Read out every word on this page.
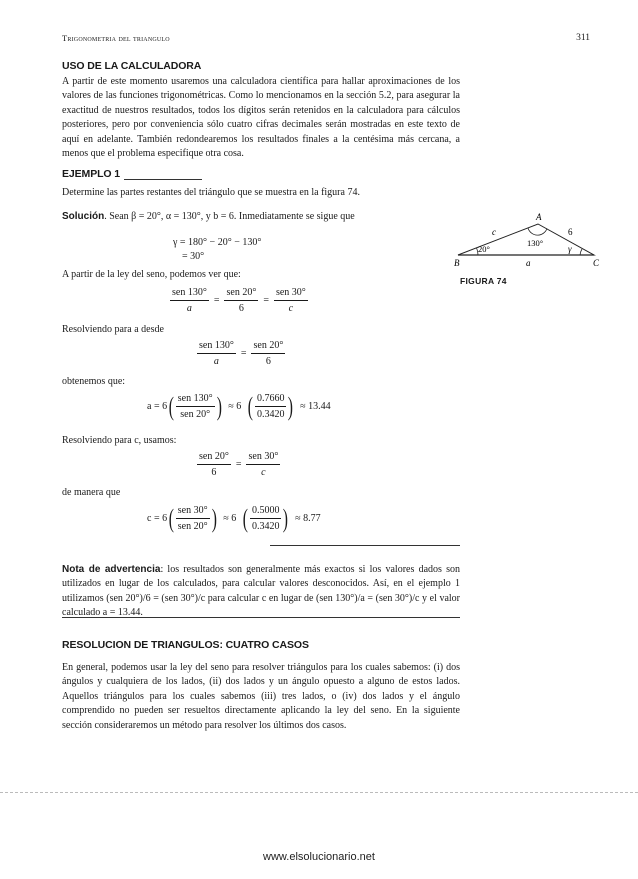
Trigonometria del triangulo	311
USO DE LA CALCULADORA
A partir de este momento usaremos una calculadora científica para hallar aproximaciones de los valores de las funciones trigonométricas. Como lo mencionamos en la sección 5.2, para asegurar la exactitud de nuestros resultados, todos los dígitos serán retenidos en la calculadora para cálculos posteriores, pero por conveniencia sólo cuatro cifras decimales serán mostradas en este texto de aquí en adelante. También redondearemos los resultados finales a la centésima más cercana, a menos que el problema especifique otra cosa.
EJEMPLO 1
Determine las partes restantes del triángulo que se muestra en la figura 74.
Solución. Sean β = 20°, α = 130°, y b = 6. Inmediatamente se sigue que
γ = 180° − 20° − 130°
= 30°
A partir de la ley del seno, podemos ver que:
$\frac{\text{sen 130°}}{a} = \frac{\text{sen 20°}}{6} = \frac{\text{sen 30°}}{c}$
Resolviendo para a desde
$\frac{\text{sen 130°}}{a} = \frac{\text{sen 20°}}{6}$
obtenemos que:
a = 6 ( $\frac{\text{sen 130°}}{\text{sen 20°}}$ ) ≈ 6 ( $\frac{0.7660}{0.3420}$ ) ≈ 13.44
Resolviendo para c, usamos:
$\frac{\text{sen 20°}}{6} = \frac{\text{sen 30°}}{c}$
de manera que
c = 6 ( $\frac{\text{sen 30°}}{\text{sen 20°}}$ ) ≈ 6 ( $\frac{0.5000}{0.3420}$ ) ≈ 8.77
A
B	C
c	6
a
20°
130°
γ
FIGURA 74
Nota de advertencia: los resultados son generalmente más exactos si los valores dados son utilizados en lugar de los calculados, para calcular valores desconocidos. Así, en el ejemplo 1 utilizamos (sen 20°)/6 = (sen 30°)/c para calcular c en lugar de (sen 130°)/a = (sen 30°)/c y el valor calculado a = 13.44.
RESOLUCION DE TRIANGULOS: CUATRO CASOS
En general, podemos usar la ley del seno para resolver triángulos para los cuales sabemos: (i) dos ángulos y cualquiera de los lados, (ii) dos lados y un ángulo opuesto a alguno de estos lados. Aquellos triángulos para los cuales sabemos (iii) tres lados, o (iv) dos lados y el ángulo comprendido no pueden ser resueltos directamente aplicando la ley del seno. En la siguiente sección consideraremos un método para resolver los últimos dos casos.
www.elsolucionario.net
